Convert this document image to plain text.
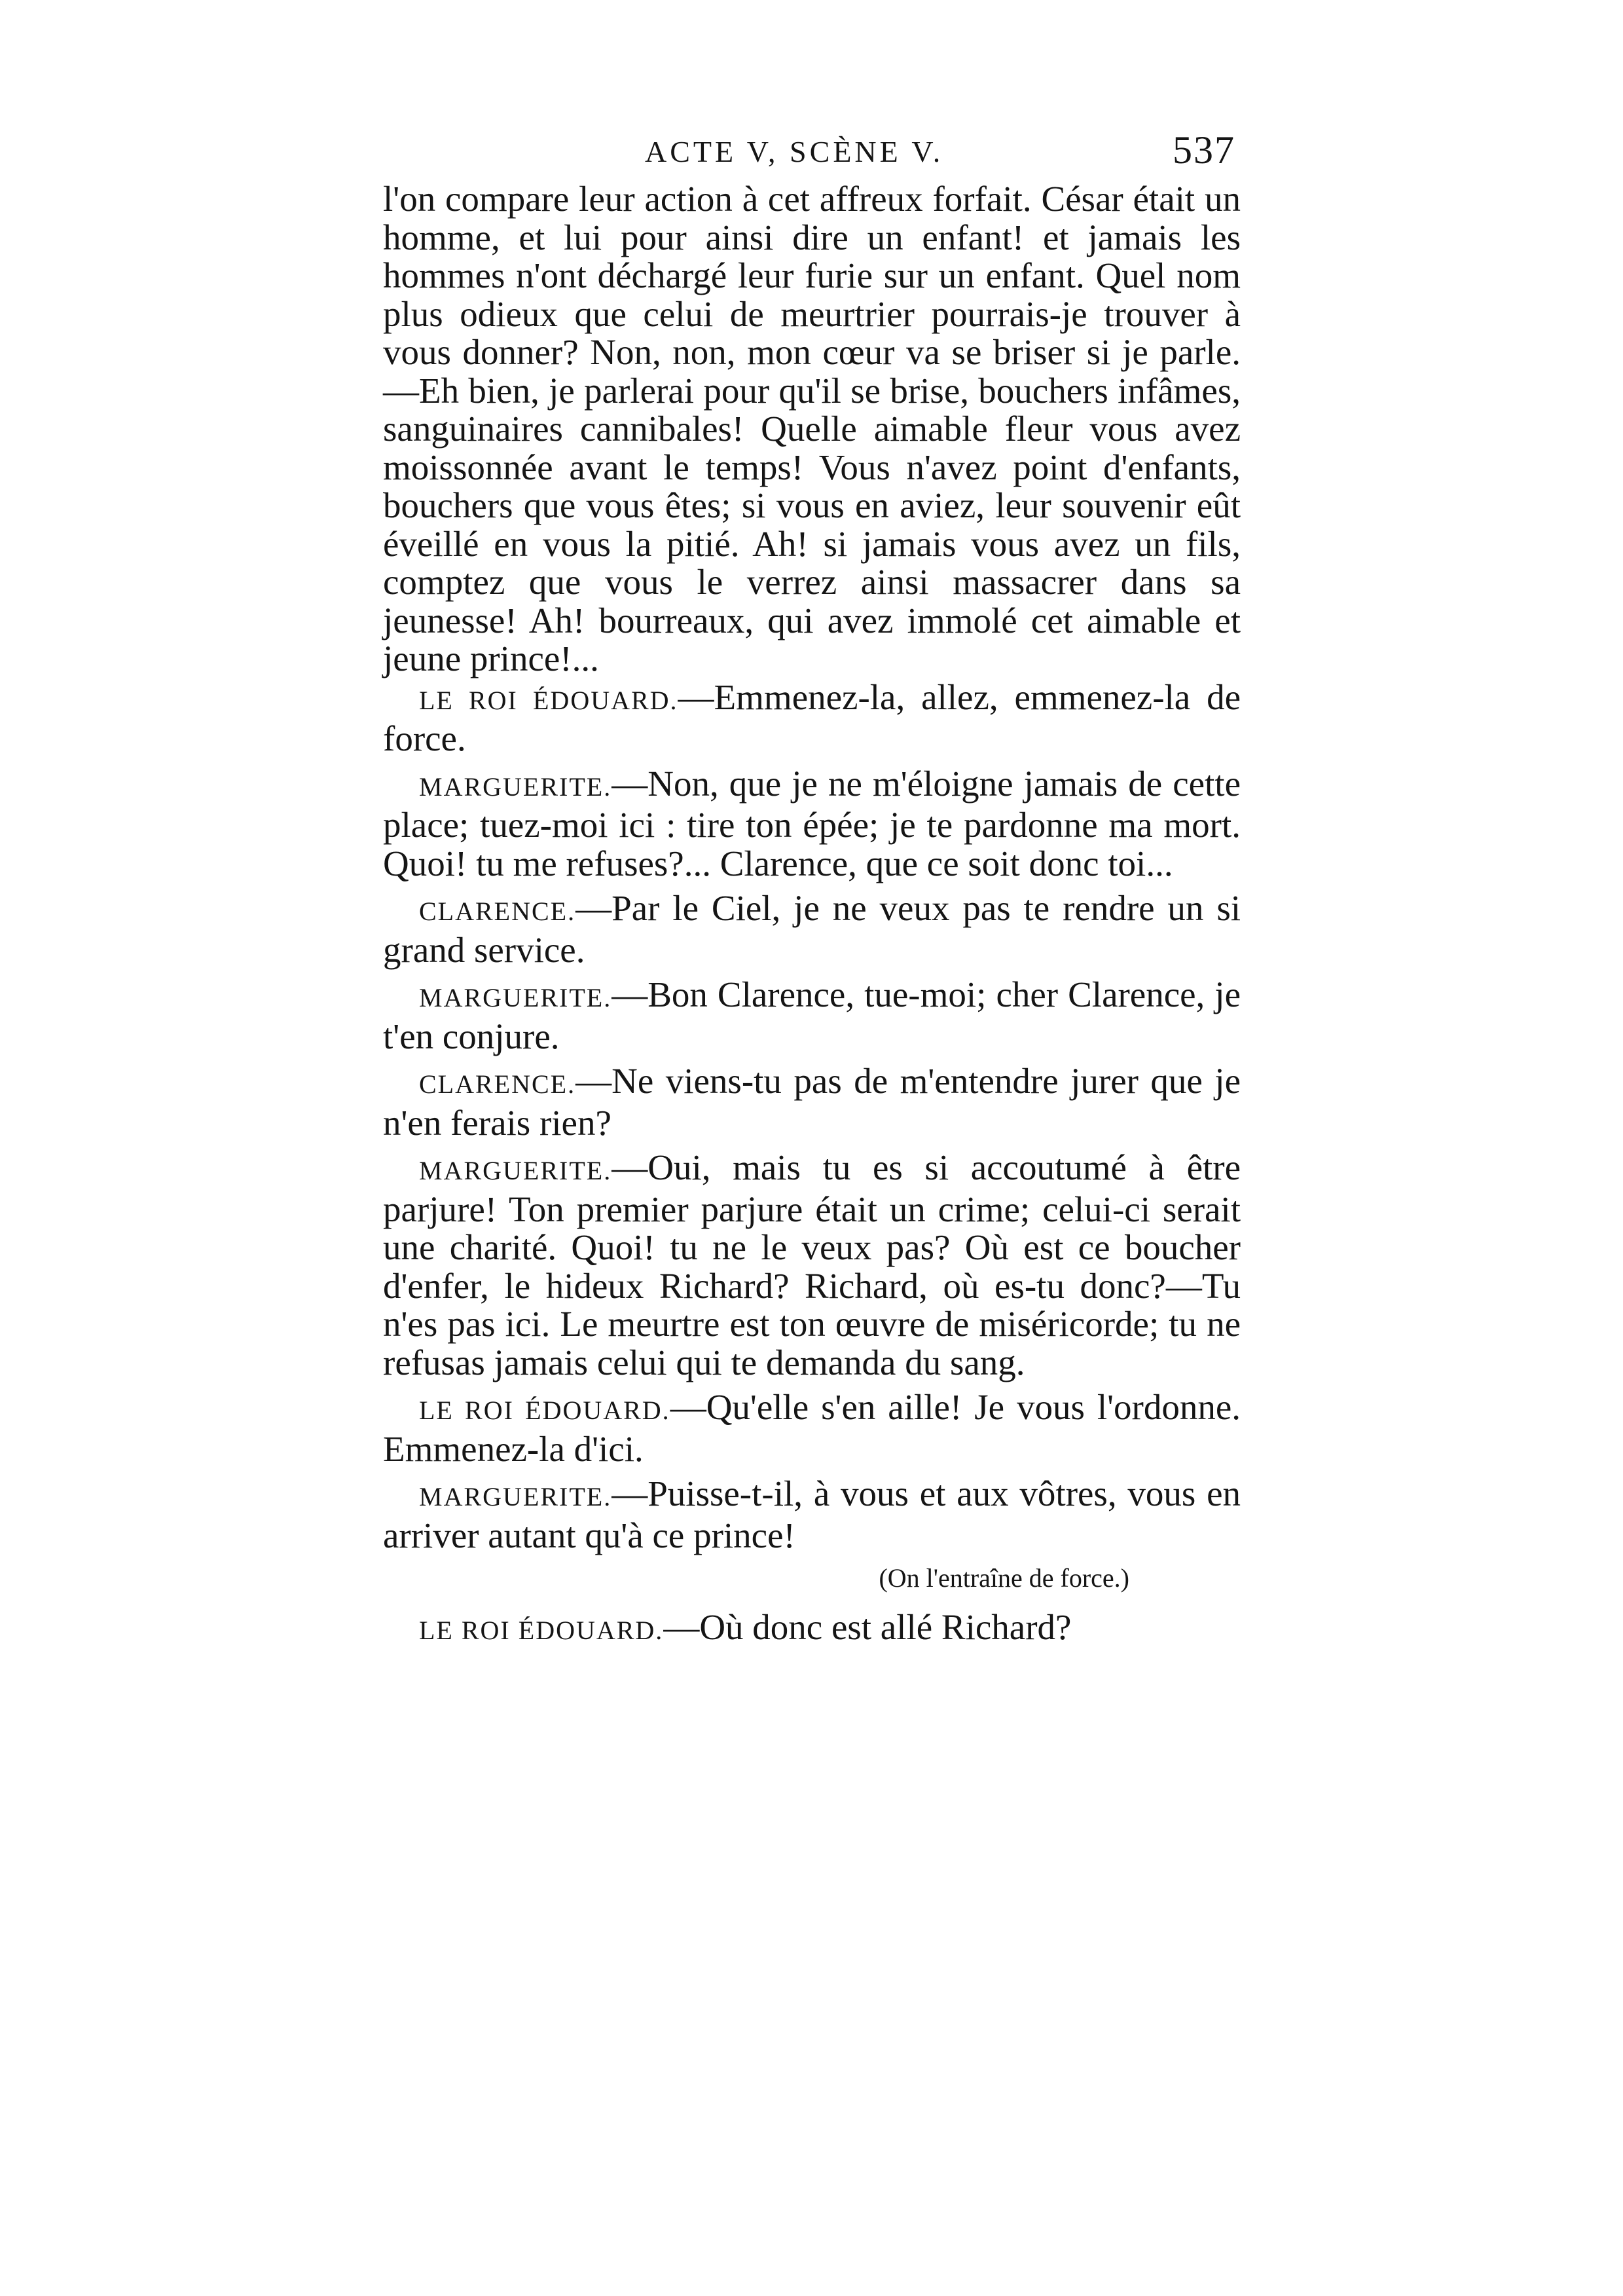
ACTE V, SCÈNE V.	537

l'on compare leur action à cet affreux forfait. César était un homme, et lui pour ainsi dire un enfant! et jamais les hommes n'ont déchargé leur furie sur un enfant. Quel nom plus odieux que celui de meurtrier pourrais-je trouver à vous donner? Non, non, mon cœur va se briser si je parle.—Eh bien, je parlerai pour qu'il se brise, bouchers infâmes, sanguinaires cannibales! Quelle aimable fleur vous avez moissonnée avant le temps! Vous n'avez point d'enfants, bouchers que vous êtes; si vous en aviez, leur souvenir eût éveillé en vous la pitié. Ah! si jamais vous avez un fils, comptez que vous le verrez ainsi massacrer dans sa jeunesse! Ah! bourreaux, qui avez immolé cet aimable et jeune prince!...

LE ROI ÉDOUARD.—Emmenez-la, allez, emmenez-la de force.

MARGUERITE.—Non, que je ne m'éloigne jamais de cette place; tuez-moi ici : tire ton épée; je te pardonne ma mort. Quoi! tu me refuses?... Clarence, que ce soit donc toi...

CLARENCE.—Par le Ciel, je ne veux pas te rendre un si grand service.

MARGUERITE.—Bon Clarence, tue-moi; cher Clarence, je t'en conjure.

CLARENCE.—Ne viens-tu pas de m'entendre jurer que je n'en ferais rien?

MARGUERITE.—Oui, mais tu es si accoutumé à être parjure! Ton premier parjure était un crime; celui-ci serait une charité. Quoi! tu ne le veux pas? Où est ce boucher d'enfer, le hideux Richard? Richard, où es-tu donc?—Tu n'es pas ici. Le meurtre est ton œuvre de miséricorde; tu ne refusas jamais celui qui te demanda du sang.

LE ROI ÉDOUARD.—Qu'elle s'en aille! Je vous l'ordonne. Emmenez-la d'ici.

MARGUERITE.—Puisse-t-il, à vous et aux vôtres, vous en arriver autant qu'à ce prince!

(On l'entraîne de force.)

LE ROI ÉDOUARD.—Où donc est allé Richard?
